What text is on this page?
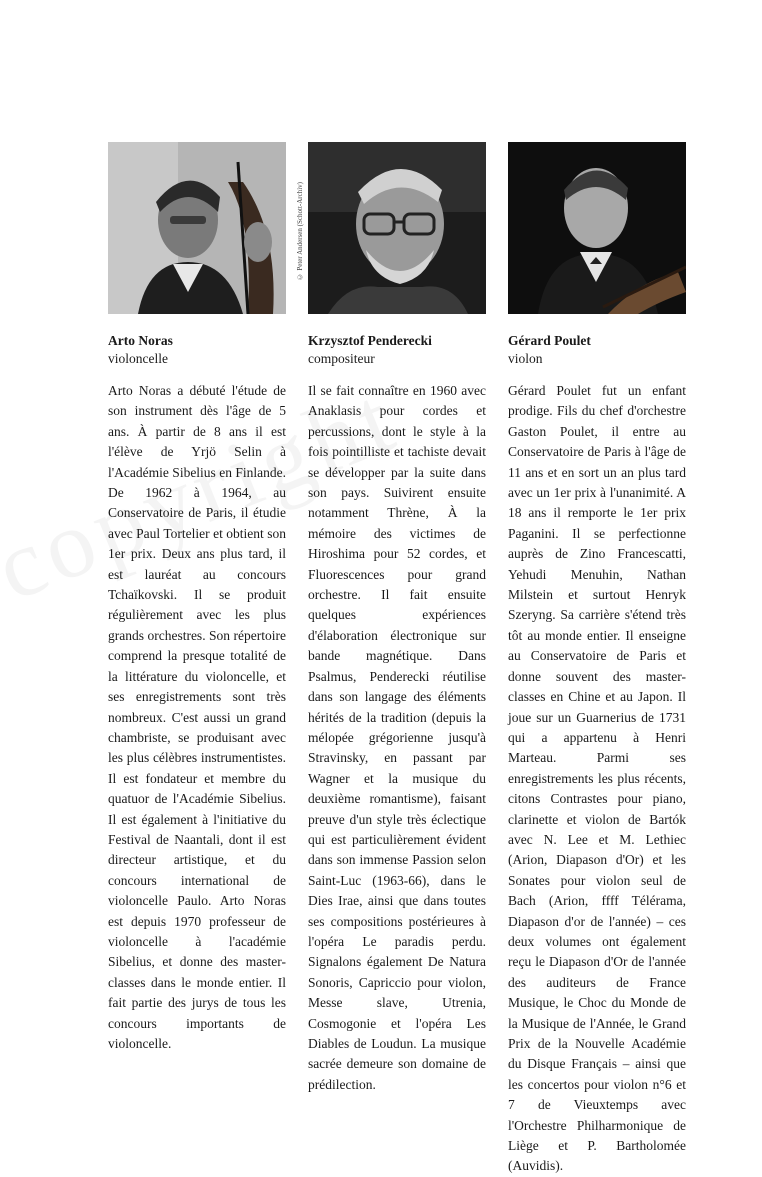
Arto Noras
violoncelle

Arto Noras a débuté l'étude de son instrument dès l'âge de 5 ans. À partir de 8 ans il est l'élève de Yrjö Selin à l'Académie Sibelius en Finlande. De 1962 à 1964, au Conservatoire de Paris, il étudie avec Paul Tortelier et obtient son 1er prix. Deux ans plus tard, il est lauréat au concours Tchaïkovski. Il se produit régulièrement avec les plus grands orchestres. Son répertoire comprend la presque totalité de la littérature du violoncelle, et ses enregistrements sont très nombreux. C'est aussi un grand chambriste, se produisant avec les plus célèbres instrumentistes. Il est fondateur et membre du quatuor de l'Académie Sibelius. Il est également à l'initiative du Festival de Naantali, dont il est directeur artistique, et du concours international de violoncelle Paulo. Arto Noras est depuis 1970 professeur de violoncelle à l'académie Sibelius, et donne des master-classes dans le monde entier. Il fait partie des jurys de tous les concours importants de violoncelle.

© Peter Andersen (Schott-Archiv)
Krzysztof Penderecki
compositeur

Il se fait connaître en 1960 avec Anaklasis pour cordes et percussions, dont le style à la fois pointilliste et tachiste devait se développer par la suite dans son pays. Suivirent ensuite notamment Thrène, À la mémoire des victimes de Hiroshima pour 52 cordes, et Fluorescences pour grand orchestre. Il fait ensuite quelques expériences d'élaboration électronique sur bande magnétique. Dans Psalmus, Penderecki réutilise dans son langage des éléments hérités de la tradition (depuis la mélopée grégorienne jusqu'à Stravinsky, en passant par Wagner et la musique du deuxième romantisme), faisant preuve d'un style très éclectique qui est particulièrement évident dans son immense Passion selon Saint-Luc (1963-66), dans le Dies Irae, ainsi que dans toutes ses compositions postérieures à l'opéra Le paradis perdu. Signalons également De Natura Sonoris, Capriccio pour violon, Messe slave, Utrenia, Cosmogonie et l'opéra Les Diables de Loudun. La musique sacrée demeure son domaine de prédilection.

Gérard Poulet
violon

Gérard Poulet fut un enfant prodige. Fils du chef d'orchestre Gaston Poulet, il entre au Conservatoire de Paris à l'âge de 11 ans et en sort un an plus tard avec un 1er prix à l'unanimité. A 18 ans il remporte le 1er prix Paganini. Il se perfectionne auprès de Zino Francescatti, Yehudi Menuhin, Nathan Milstein et surtout Henryk Szeryng. Sa carrière s'étend très tôt au monde entier. Il enseigne au Conservatoire de Paris et donne souvent des master-classes en Chine et au Japon. Il joue sur un Guarnerius de 1731 qui a appartenu à Henri Marteau. Parmi ses enregistrements les plus récents, citons Contrastes pour piano, clarinette et violon de Bartók avec N. Lee et M. Lethiec (Arion, Diapason d'Or) et les Sonates pour violon seul de Bach (Arion, ffff Télérama, Diapason d'or de l'année) – ces deux volumes ont également reçu le Diapason d'Or de l'année des auditeurs de France Musique, le Choc du Monde de la Musique de l'Année, le Grand Prix de la Nouvelle Académie du Disque Français – ainsi que les concertos pour violon n°6 et 7 de Vieuxtemps avec l'Orchestre Philharmonique de Liège et P. Bartholomée (Auvidis).
